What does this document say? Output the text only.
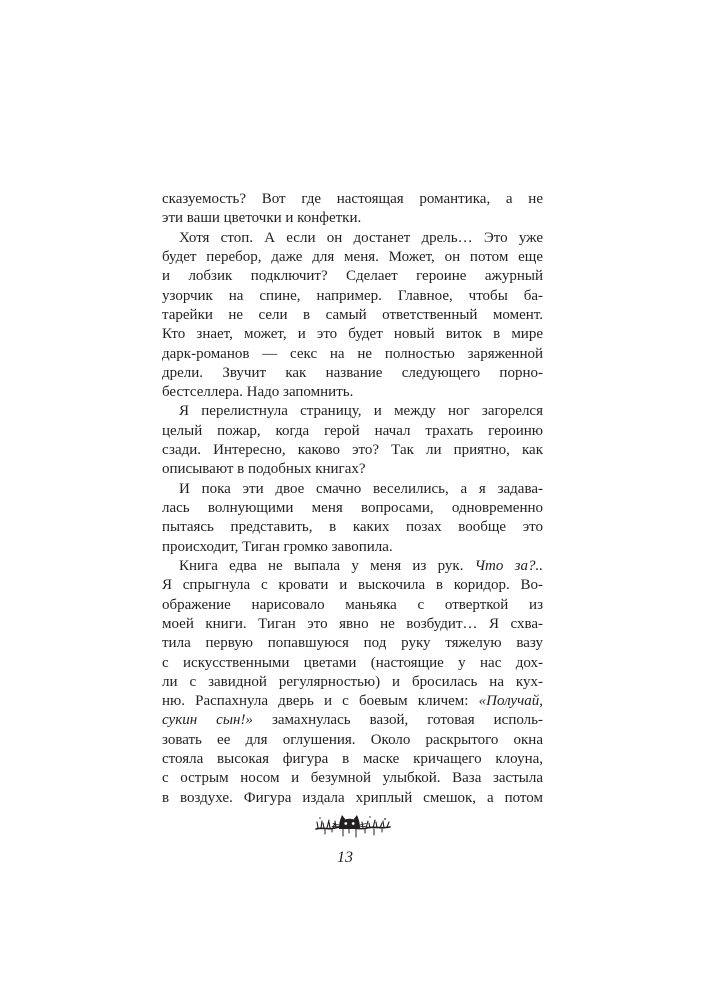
сказуемость? Вот где настоящая романтика, а не
эти ваши цветочки и конфетки.
Хотя стоп. А если он достанет дрель… Это уже
будет перебор, даже для меня. Может, он потом еще
и лобзик подключит? Сделает героине ажурный
узорчик на спине, например. Главное, чтобы ба-
тарейки не сели в самый ответственный момент.
Кто знает, может, и это будет новый виток в мире
дарк-романов — секс на не полностью заряженной
дрели. Звучит как название следующего порно-
бестселлера. Надо запомнить.
Я перелистнула страницу, и между ног загорелся
целый пожар, когда герой начал трахать героиню
сзади. Интересно, каково это? Так ли приятно, как
описывают в подобных книгах?
И пока эти двое смачно веселились, а я задава-
лась волнующими меня вопросами, одновременно
пытаясь представить, в каких позах вообще это
происходит, Тиган громко завопила.
Книга едва не выпала у меня из рук. Что за?..
Я спрыгнула с кровати и выскочила в коридор. Во-
ображение нарисовало маньяка с отверткой из
моей книги. Тиган это явно не возбудит… Я схва-
тила первую попавшуюся под руку тяжелую вазу
с искусственными цветами (настоящие у нас дох-
ли с завидной регулярностью) и бросилась на кух-
ню. Распахнула дверь и с боевым кличем: «Получай,
сукин сын!» замахнулась вазой, готовая исполь-
зовать ее для оглушения. Около раскрытого окна
стояла высокая фигура в маске кричащего клоуна,
с острым носом и безумной улыбкой. Ваза застыла
в воздухе. Фигура издала хриплый смешок, а потом
13
